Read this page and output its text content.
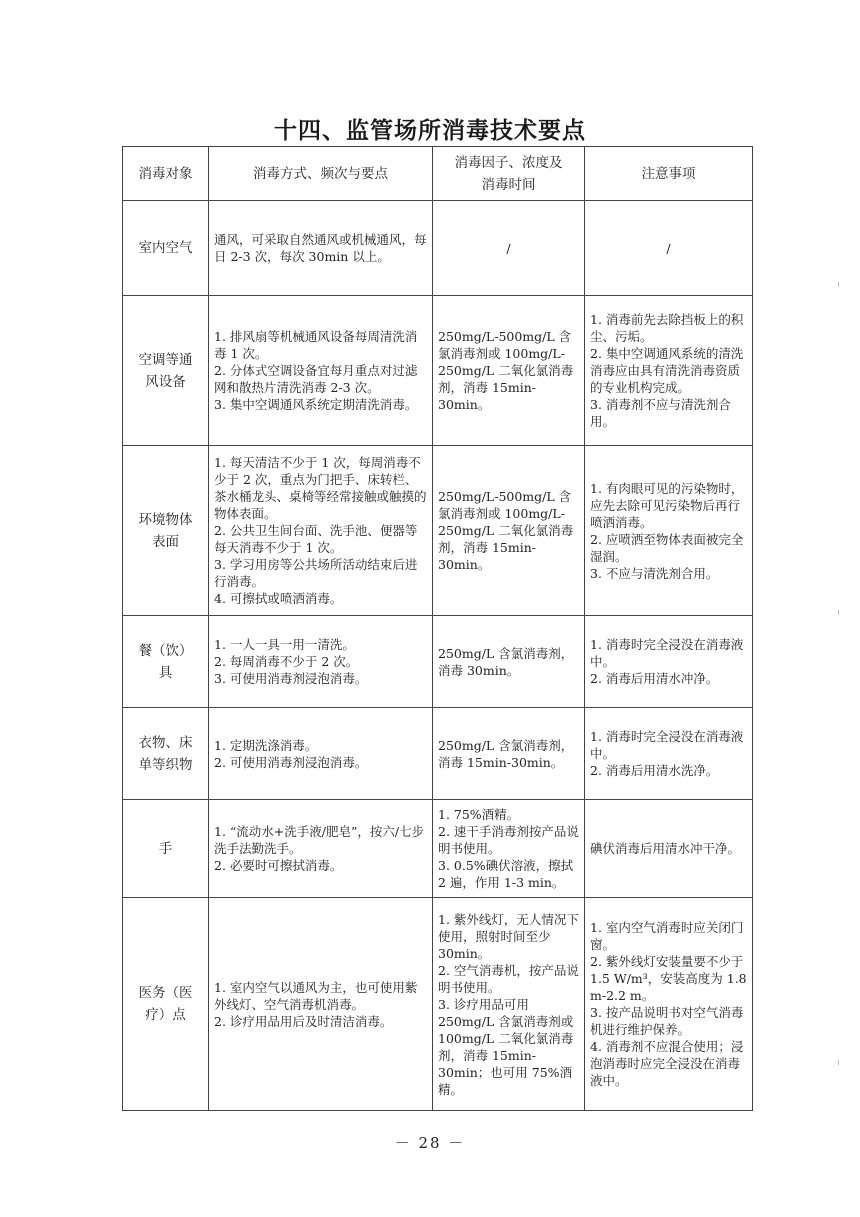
十四、监管场所消毒技术要点
消毒对象	消毒方式、频次与要点	消毒因子、浓度及
消毒时间	注意事项

室内空气	通风，可采取自然通风或机械通风，每日 2-3 次，每次 30min 以上。	/	/

空调等通
风设备	1. 排风扇等机械通风设备每周清洗消毒 1 次。
2. 分体式空调设备宜每月重点对过滤网和散热片清洗消毒 2-3 次。
3. 集中空调通风系统定期清洗消毒。	250mg/L-500mg/L 含氯消毒剂或 100mg/L-250mg/L 二氧化氯消毒剂，消毒 15min-30min。	1. 消毒前先去除挡板上的积尘、污垢。
2. 集中空调通风系统的清洗消毒应由具有清洗消毒资质的专业机构完成。
3. 消毒剂不应与清洗剂合用。

环境物体
表面	1. 每天清洁不少于 1 次，每周消毒不少于 2 次，重点为门把手、床转栏、茶水桶龙头、桌椅等经常接触或触摸的物体表面。
2. 公共卫生间台面、洗手池、便器等每天消毒不少于 1 次。
3. 学习用房等公共场所活动结束后进行消毒。
4. 可擦拭或喷洒消毒。	250mg/L-500mg/L 含氯消毒剂或 100mg/L-250mg/L 二氧化氯消毒剂，消毒 15min-30min。	1. 有肉眼可见的污染物时，应先去除可见污染物后再行喷洒消毒。
2. 应喷洒至物体表面被完全湿润。
3. 不应与清洗剂合用。

餐（饮）
具	1. 一人一具一用一清洗。
2. 每周消毒不少于 2 次。
3. 可使用消毒剂浸泡消毒。	250mg/L 含氯消毒剂，消毒 30min。	1. 消毒时完全浸没在消毒液中。
2. 消毒后用清水冲净。

衣物、床
单等织物	1. 定期洗涤消毒。
2. 可使用消毒剂浸泡消毒。	250mg/L 含氯消毒剂，消毒 15min-30min。	1. 消毒时完全浸没在消毒液中。
2. 消毒后用清水洗净。

手	1. “流动水+洗手液/肥皂”，按六/七步洗手法勤洗手。
2. 必要时可擦拭消毒。	1. 75%酒精。
2. 速干手消毒剂按产品说明书使用。
3. 0.5%碘伏溶液，擦拭 2 遍，作用 1-3 min。	碘伏消毒后用清水冲干净。

医务（医
疗）点	1. 室内空气以通风为主，也可使用紫外线灯、空气消毒机消毒。
2. 诊疗用品用后及时清洁消毒。	1. 紫外线灯，无人情况下使用，照射时间至少 30min。
2. 空气消毒机，按产品说明书使用。
3. 诊疗用品可用 250mg/L 含氯消毒剂或 100mg/L 二氧化氯消毒剂，消毒 15min-30min；也可用 75%酒精。	1. 室内空气消毒时应关闭门窗。
2. 紫外线灯安装量要不少于 1.5 W/m³，安装高度为 1.8 m-2.2 m。
3. 按产品说明书对空气消毒机进行维护保养。
4. 消毒剂不应混合使用；浸泡消毒时应完全浸没在消毒液中。
－ 28 －
